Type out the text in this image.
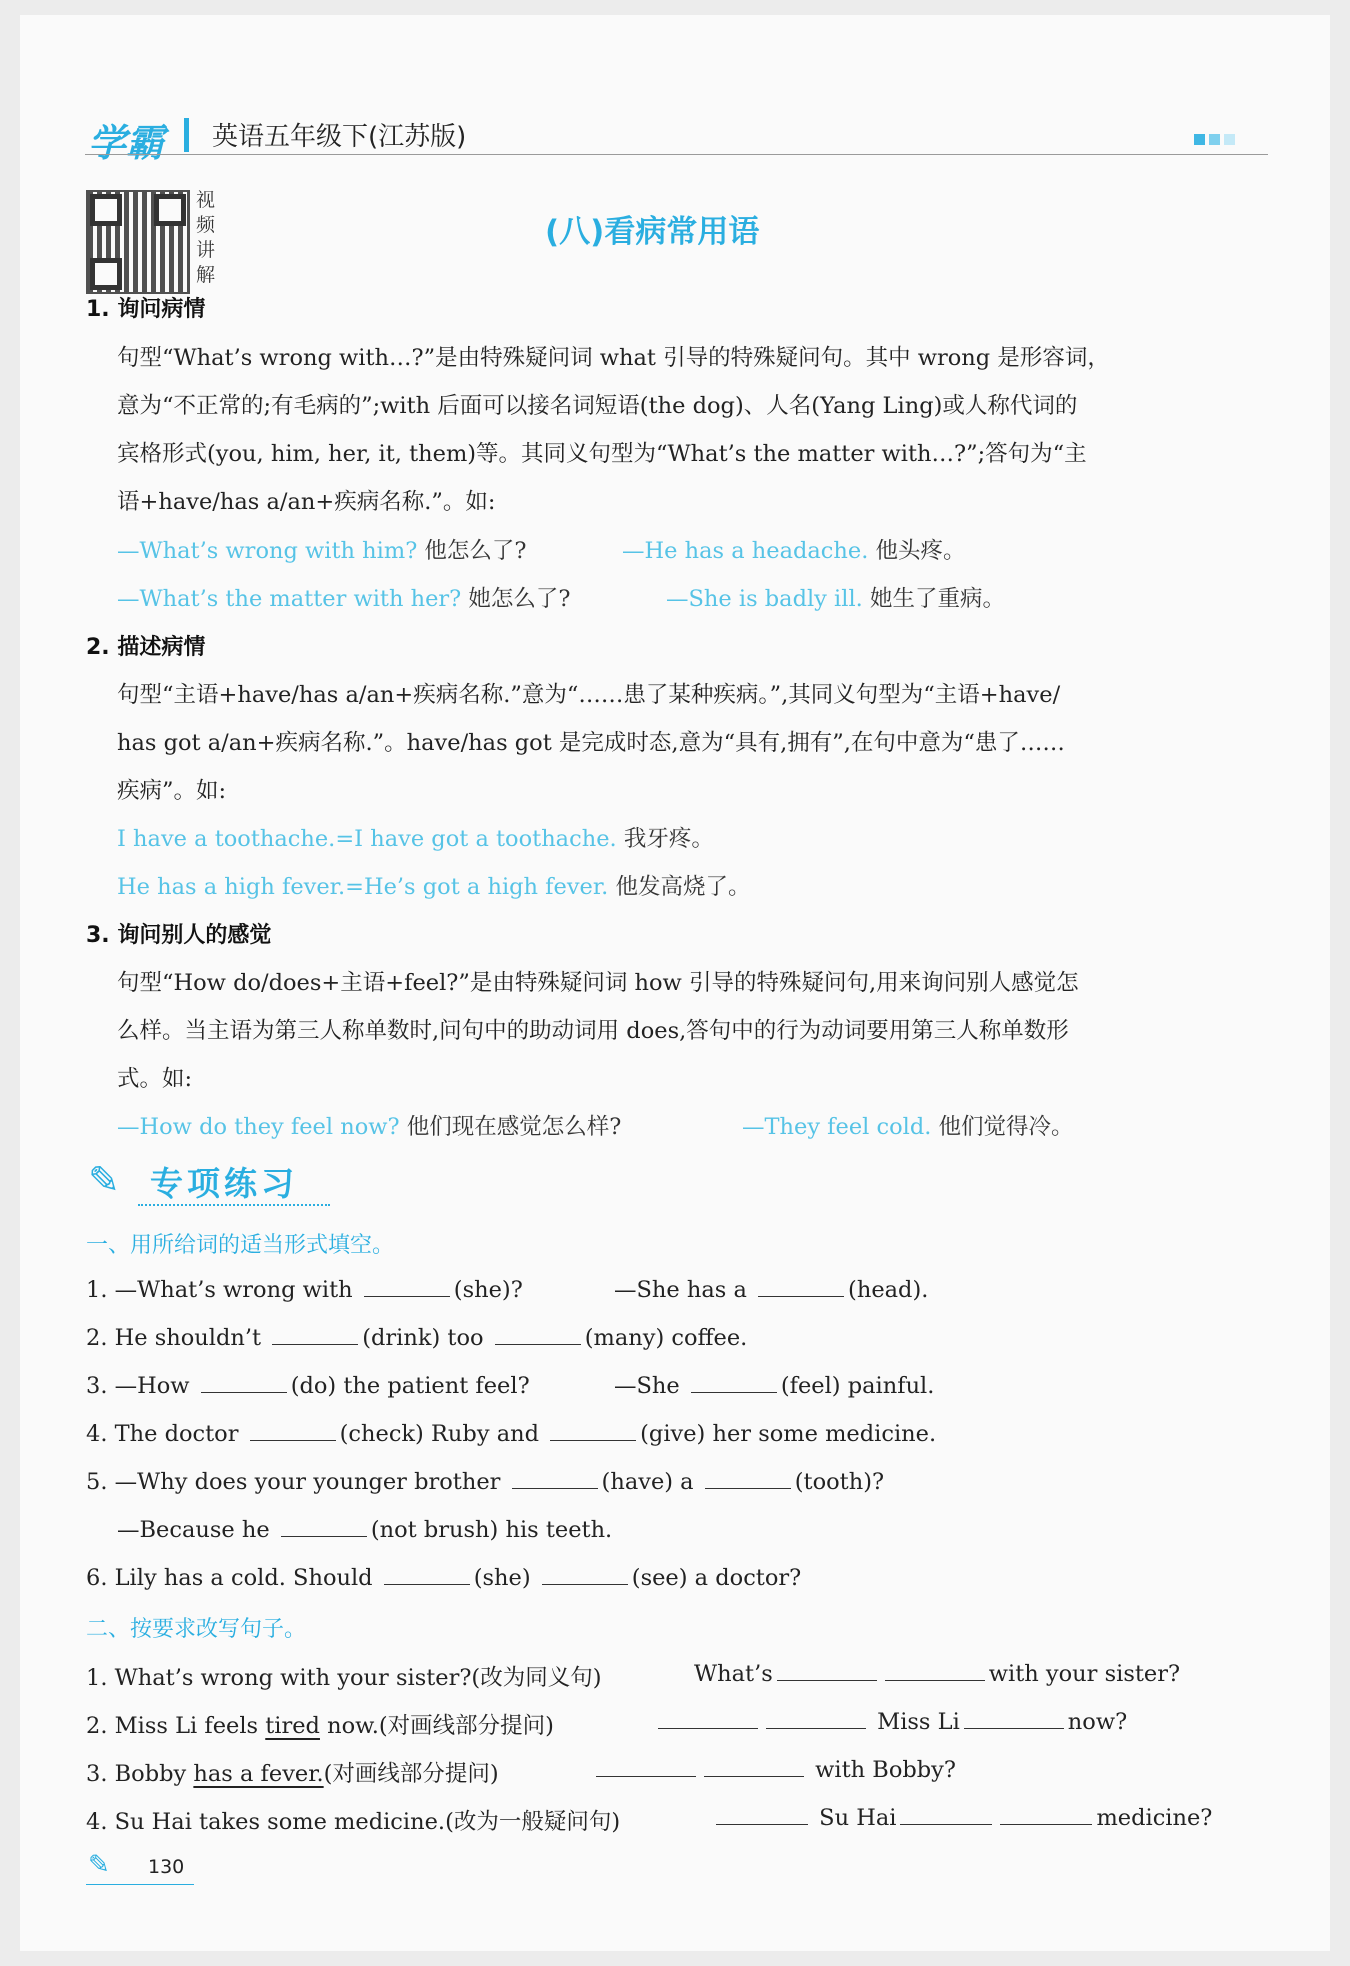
学霸 英语五年级下(江苏版)
视频讲解
(八)看病常用语
1. 询问病情
句型“What’s wrong with…?”是由特殊疑问词 what 引导的特殊疑问句。其中 wrong 是形容词，
意为“不正常的;有毛病的”;with 后面可以接名词短语(the dog)、人名(Yang Ling)或人称代词的
宾格形式(you, him, her, it, them)等。其同义句型为“What’s the matter with…?”;答句为“主
语+have/has a/an+疾病名称.”。如:
—What’s wrong with him? 他怎么了?	—He has a headache. 他头疼。
—What’s the matter with her? 她怎么了?	—She is badly ill. 她生了重病。
2. 描述病情
句型“主语+have/has a/an+疾病名称.”意为“……患了某种疾病。”,其同义句型为“主语+have/
has got a/an+疾病名称.”。have/has got 是完成时态,意为“具有,拥有”,在句中意为“患了……
疾病”。如:
I have a toothache.=I have got a toothache. 我牙疼。
He has a high fever.=He’s got a high fever. 他发高烧了。
3. 询问别人的感觉
句型“How do/does+主语+feel?”是由特殊疑问词 how 引导的特殊疑问句,用来询问别人感觉怎
么样。当主语为第三人称单数时,问句中的助动词用 does,答句中的行为动词要用第三人称单数形
式。如:
—How do they feel now? 他们现在感觉怎么样?	—They feel cold. 他们觉得冷。
✎ 专项练习
一、用所给词的适当形式填空。
1. —What’s wrong with	(she)?	—She has a	(head).
2. He shouldn’t	(drink) too	(many) coffee.
3. —How	(do) the patient feel?	—She	(feel) painful.
4. The doctor	(check) Ruby and	(give) her some medicine.
5. —Why does your younger brother	(have) a	(tooth)?
—Because he	(not brush) his teeth.
6. Lily has a cold. Should	(she)	(see) a doctor?
二、按要求改写句子。
1. What’s wrong with your sister?(改为同义句)	What’s	with your sister?
2. Miss Li feels tired now.(对画线部分提问)	Miss Li	now?
3. Bobby has a fever.(对画线部分提问)	with Bobby?
4. Su Hai takes some medicine.(改为一般疑问句)	Su Hai	medicine?
✎ 130
